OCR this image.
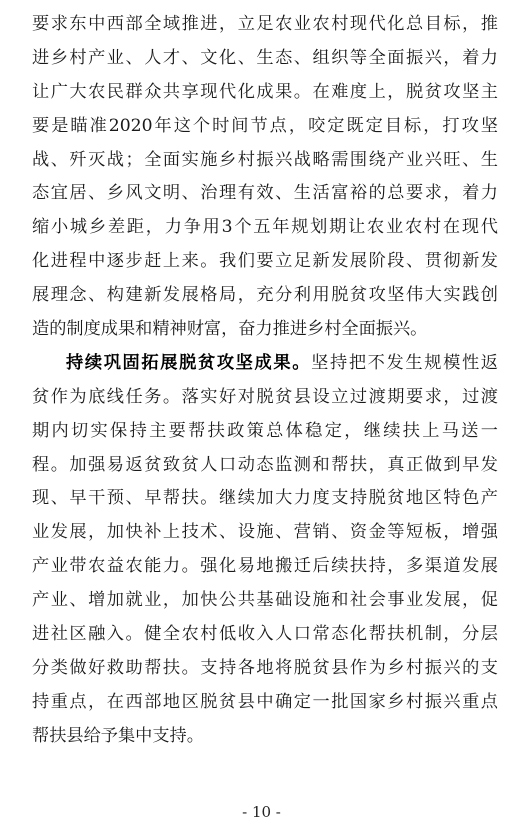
要求东中西部全域推进，立足农业农村现代化总目标，推
进乡村产业、人才、文化、生态、组织等全面振兴，着力
让广大农民群众共享现代化成果。在难度上，脱贫攻坚主
要是瞄准2020年这个时间节点，咬定既定目标，打攻坚
战、歼灭战；全面实施乡村振兴战略需围绕产业兴旺、生
态宜居、乡风文明、治理有效、生活富裕的总要求，着力
缩小城乡差距，力争用3个五年规划期让农业农村在现代
化进程中逐步赶上来。我们要立足新发展阶段、贯彻新发
展理念、构建新发展格局，充分利用脱贫攻坚伟大实践创
造的制度成果和精神财富，奋力推进乡村全面振兴。
持续巩固拓展脱贫攻坚成果。坚持把不发生规模性返
贫作为底线任务。落实好对脱贫县设立过渡期要求，过渡
期内切实保持主要帮扶政策总体稳定，继续扶上马送一
程。加强易返贫致贫人口动态监测和帮扶，真正做到早发
现、早干预、早帮扶。继续加大力度支持脱贫地区特色产
业发展，加快补上技术、设施、营销、资金等短板，增强
产业带农益农能力。强化易地搬迁后续扶持，多渠道发展
产业、增加就业，加快公共基础设施和社会事业发展，促
进社区融入。健全农村低收入人口常态化帮扶机制，分层
分类做好救助帮扶。支持各地将脱贫县作为乡村振兴的支
持重点，在西部地区脱贫县中确定一批国家乡村振兴重点
帮扶县给予集中支持。
- 10 -
